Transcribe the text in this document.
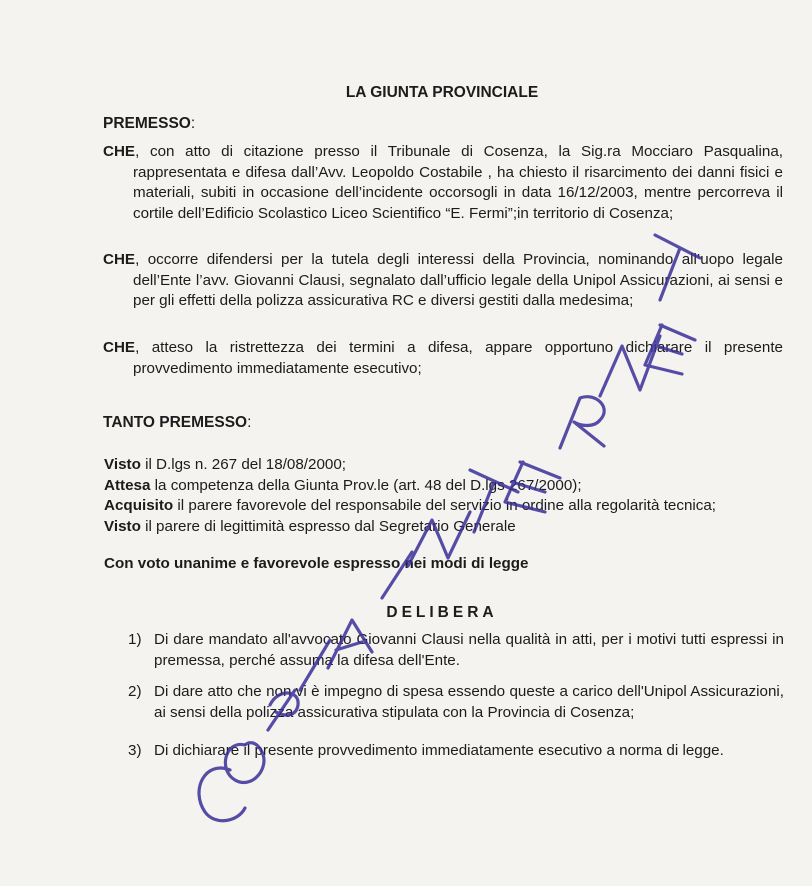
LA GIUNTA PROVINCIALE
PREMESSO:
CHE, con atto di citazione presso il Tribunale di Cosenza, la Sig.ra Mocciaro Pasqualina, rappresentata e difesa dall’Avv. Leopoldo Costabile , ha chiesto il risarcimento dei danni fisici e materiali, subiti in occasione dell’incidente occorsogli in data 16/12/2003, mentre percorreva il cortile dell’Edificio Scolastico Liceo Scientifico “E. Fermi”;in territorio di Cosenza;
CHE, occorre difendersi per la tutela degli interessi della Provincia, nominando all’uopo legale dell’Ente l’avv. Giovanni Clausi, segnalato dall’ufficio legale della Unipol Assicurazioni, ai sensi e per gli effetti della polizza assicurativa RC e diversi gestiti dalla medesima;
CHE, atteso la ristrettezza dei termini a difesa, appare opportuno dichiarare il presente provvedimento immediatamente esecutivo;
TANTO PREMESSO:
Visto il D.lgs n. 267 del 18/08/2000;
Attesa la competenza della Giunta Prov.le (art. 48 del D.lgs 267/2000);
Acquisito il parere favorevole del responsabile del servizio in ordine alla regolarità tecnica;
Visto il parere di legittimità espresso dal Segretario Generale
Con voto unanime e favorevole espresso nei modi di legge
DELIBERA
1) Di dare mandato all'avvocato Giovanni Clausi nella qualità in atti, per i motivi tutti espressi in premessa, perché assuma la difesa dell'Ente.
2) Di dare atto che non vi è impegno di spesa essendo queste a carico dell'Unipol Assicurazioni, ai sensi della polizza assicurativa stipulata con la Provincia di Cosenza;
3) Di dichiarare il presente provvedimento immediatamente esecutivo a norma di legge.
